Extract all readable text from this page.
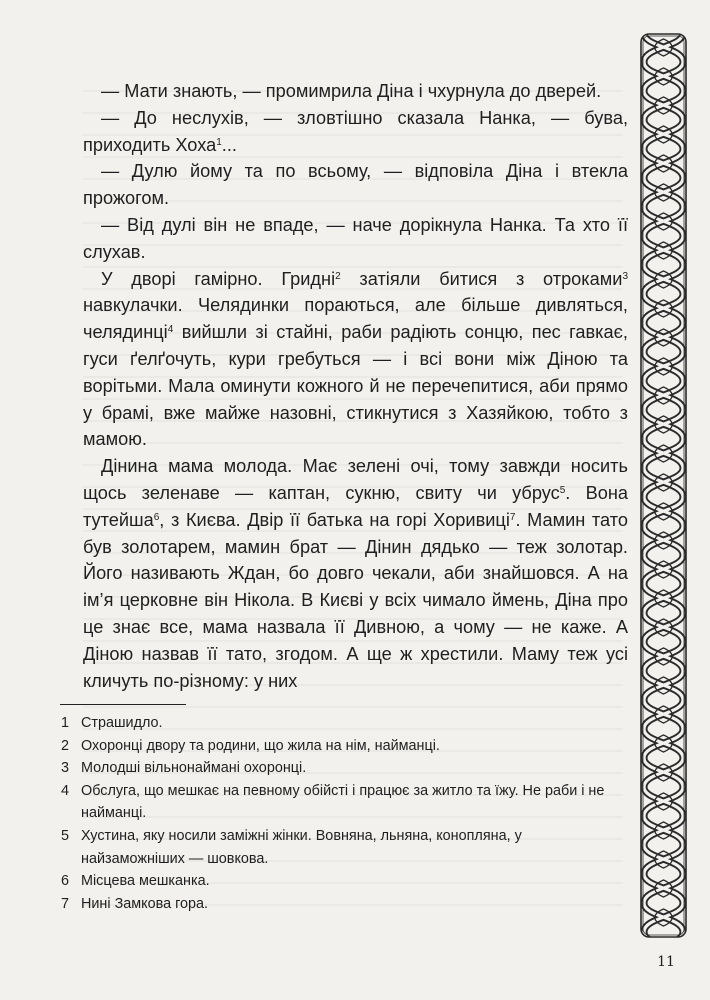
— Мати знають, — промимрила Діна і чхурнула до дверей.

— До неслухів, — зловтішно сказала Нанка, — бува, приходить Хоха$^1$...

— Дулю йому та по всьому, — відповіла Діна і втекла прожогом.

— Від дулі він не впаде, — наче дорікнула Нанка. Та хто її слухав.

У дворі гамірно. Гридні$^2$ затіяли битися з отроками$^3$ навкулачки. Челядинки пораються, але більше дивляться, челядинці$^4$ вийшли зі стайні, раби радіють сонцю, пес гавкає, гуси ґелґочуть, кури гребуться — і всі вони між Діною та ворітьми. Мала оминути кожного й не перечепитися, аби прямо у брамі, вже майже назовні, стикнутися з Хазяйкою, тобто з мамою.

Дінина мама молода. Має зелені очі, тому завжди носить щось зеленаве — каптан, сукню, свиту чи убрус$^5$. Вона тутейша$^6$, з Києва. Двір її батька на горі Хоривиці$^7$. Мамин тато був золотарем, мамин брат — Дінин дядько — теж золотар. Його називають Ждан, бо довго чекали, аби знайшовся. А на ім’я церковне він Нікола. В Києві у всіх чимало ймень, Діна про це знає все, мама назвала її Дивною, а чому — не каже. А Діною назвав її тато, згодом. А ще ж хрестили. Маму теж усі кличуть по-різному: у них

1 Страшидло.
2 Охоронці двору та родини, що жила на нім, найманці.
3 Молодші вільнонаймані охоронці.
4 Обслуга, що мешкає на певному обійсті і працює за житло та їжу. Не раби і не найманці.
5 Хустина, яку носили заміжні жінки. Вовняна, льняна, конопляна, у найзаможніших — шовкова.
6 Місцева мешканка.
7 Нині Замкова гора.
11
